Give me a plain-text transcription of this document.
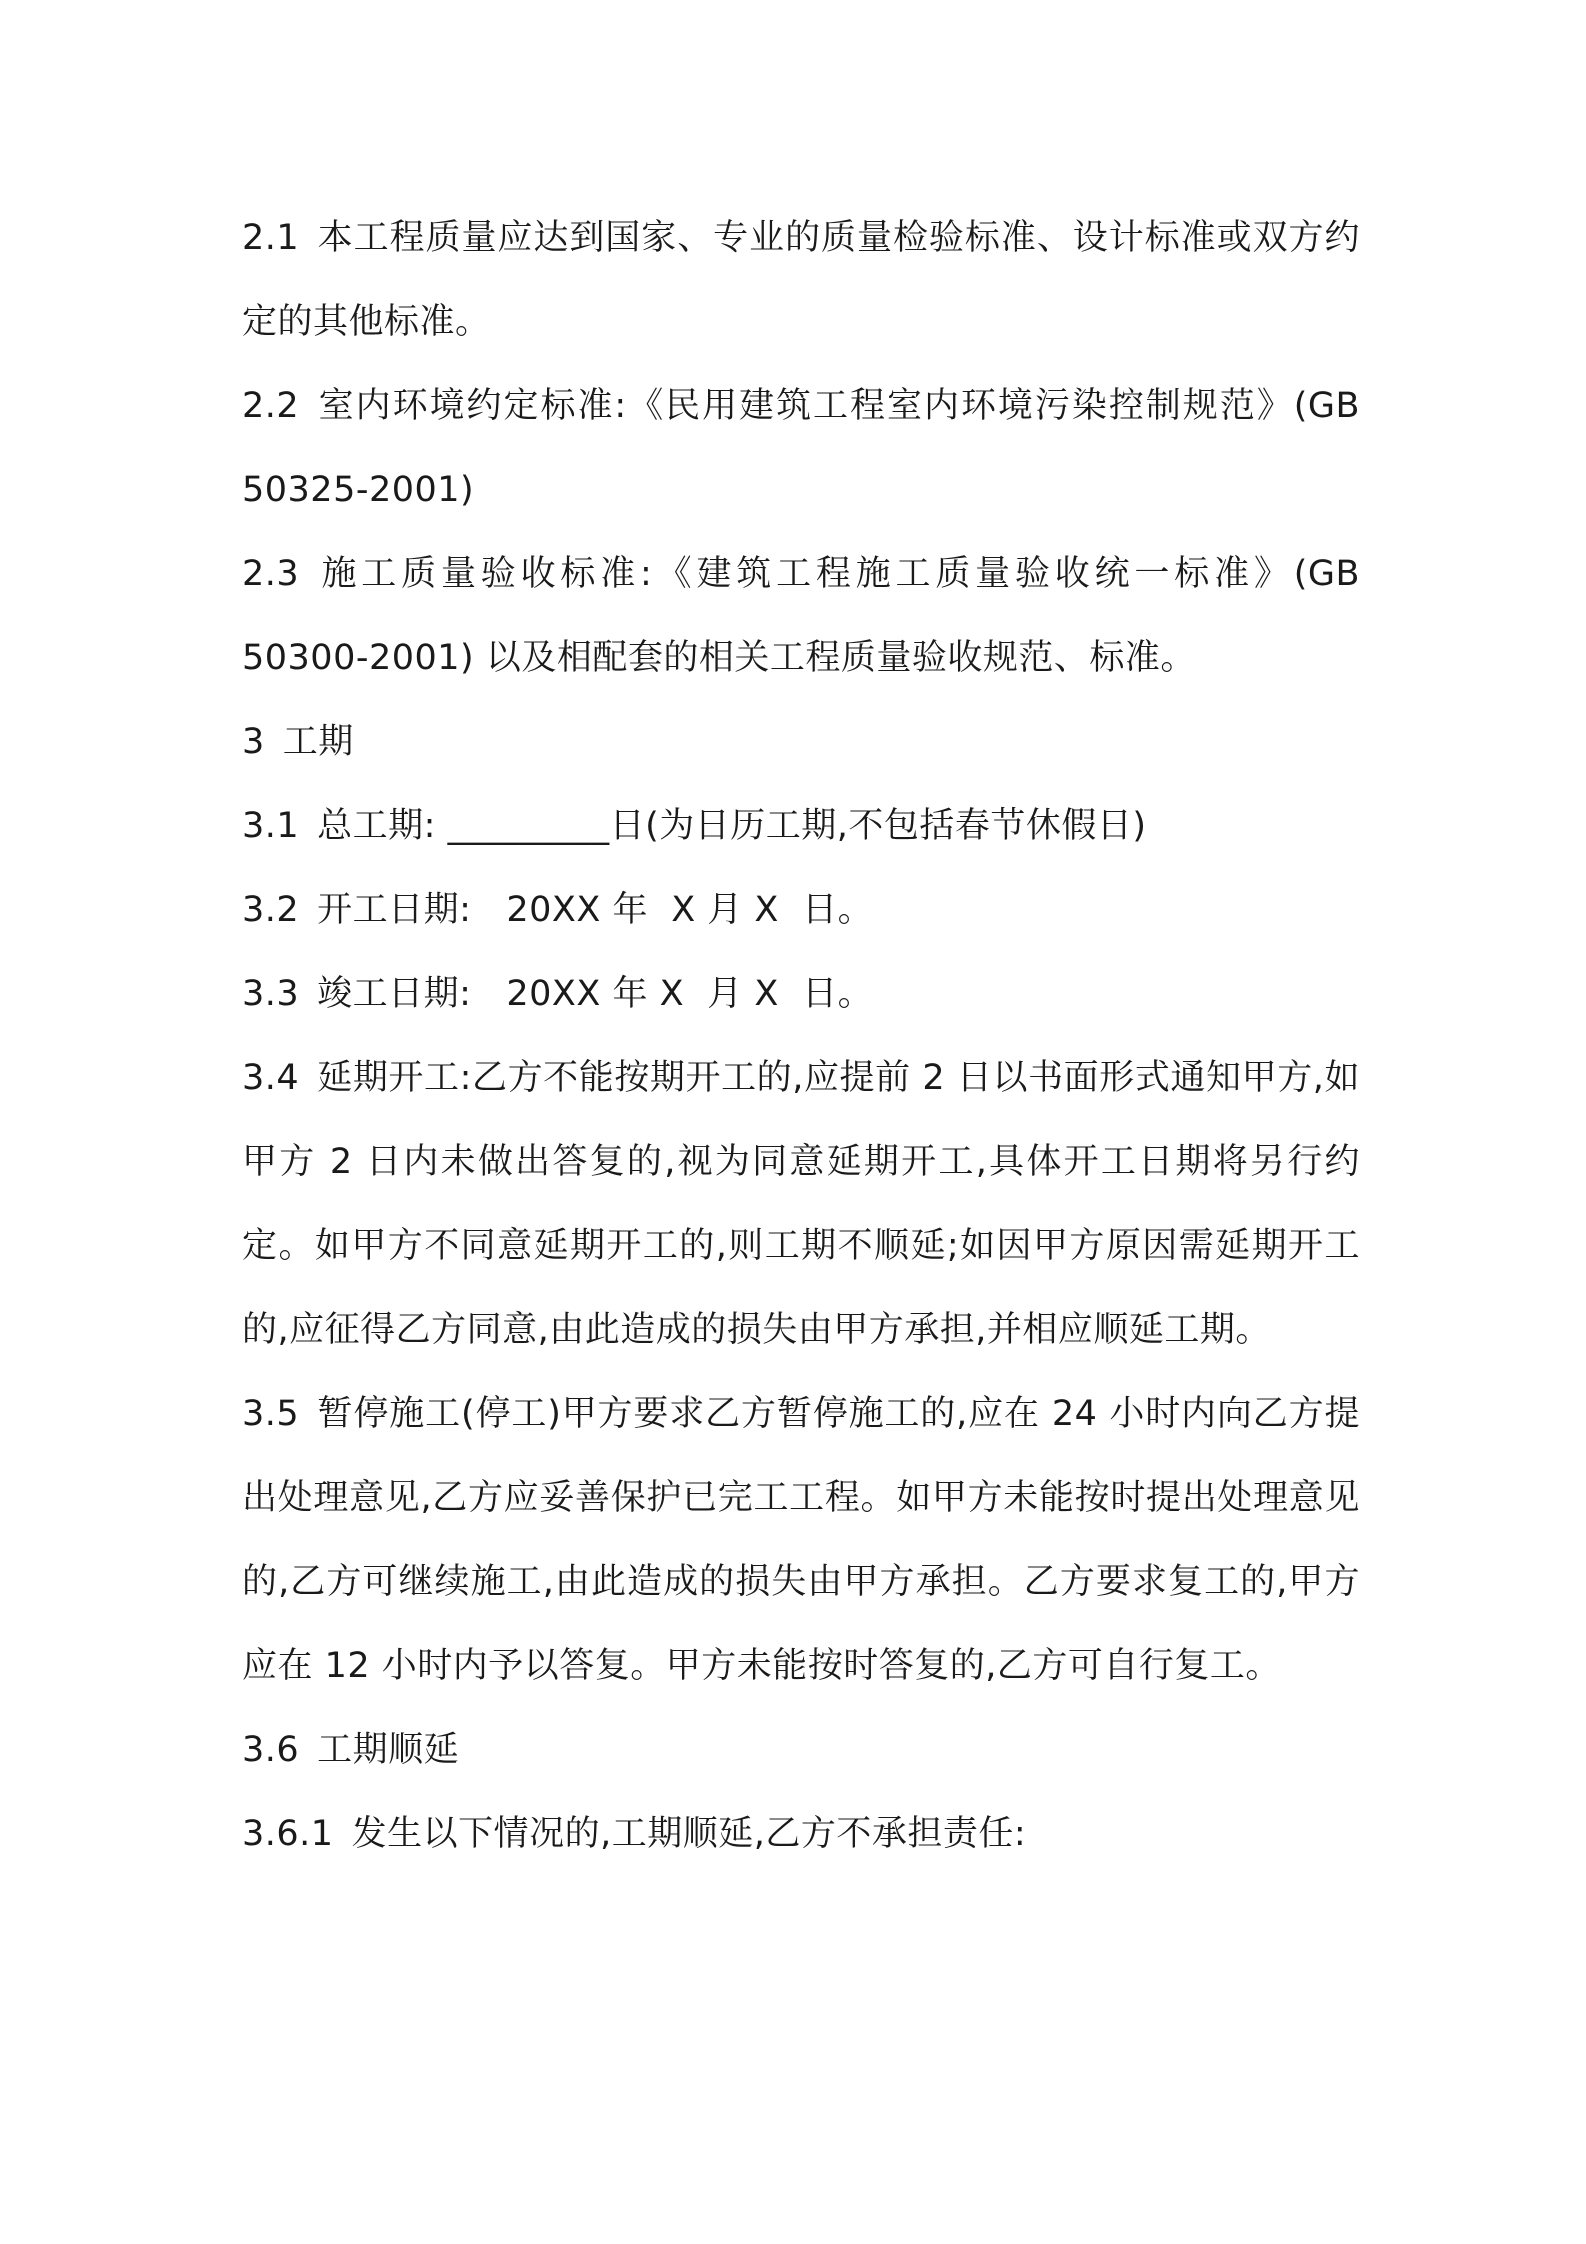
2.1 本工程质量应达到国家、专业的质量检验标准、设计标准或双方约定的其他标准。

2.2 室内环境约定标准:《民用建筑工程室内环境污染控制规范》(GB 50325-2001)

2.3 施工质量验收标准:《建筑工程施工质量验收统一标准》(GB 50300-2001) 以及相配套的相关工程质量验收规范、标准。

3 工期

3.1 总工期: _________日(为日历工期,不包括春节休假日)

3.2 开工日期:   20XX 年  X 月 X  日。

3.3 竣工日期:   20XX 年 X  月 X  日。

3.4 延期开工:乙方不能按期开工的,应提前 2 日以书面形式通知甲方,如甲方 2 日内未做出答复的,视为同意延期开工,具体开工日期将另行约定。如甲方不同意延期开工的,则工期不顺延;如因甲方原因需延期开工的,应征得乙方同意,由此造成的损失由甲方承担,并相应顺延工期。

3.5 暂停施工(停工)甲方要求乙方暂停施工的,应在 24 小时内向乙方提出处理意见,乙方应妥善保护已完工工程。如甲方未能按时提出处理意见的,乙方可继续施工,由此造成的损失由甲方承担。乙方要求复工的,甲方应在 12 小时内予以答复。甲方未能按时答复的,乙方可自行复工。

3.6 工期顺延

3.6.1 发生以下情况的,工期顺延,乙方不承担责任:
